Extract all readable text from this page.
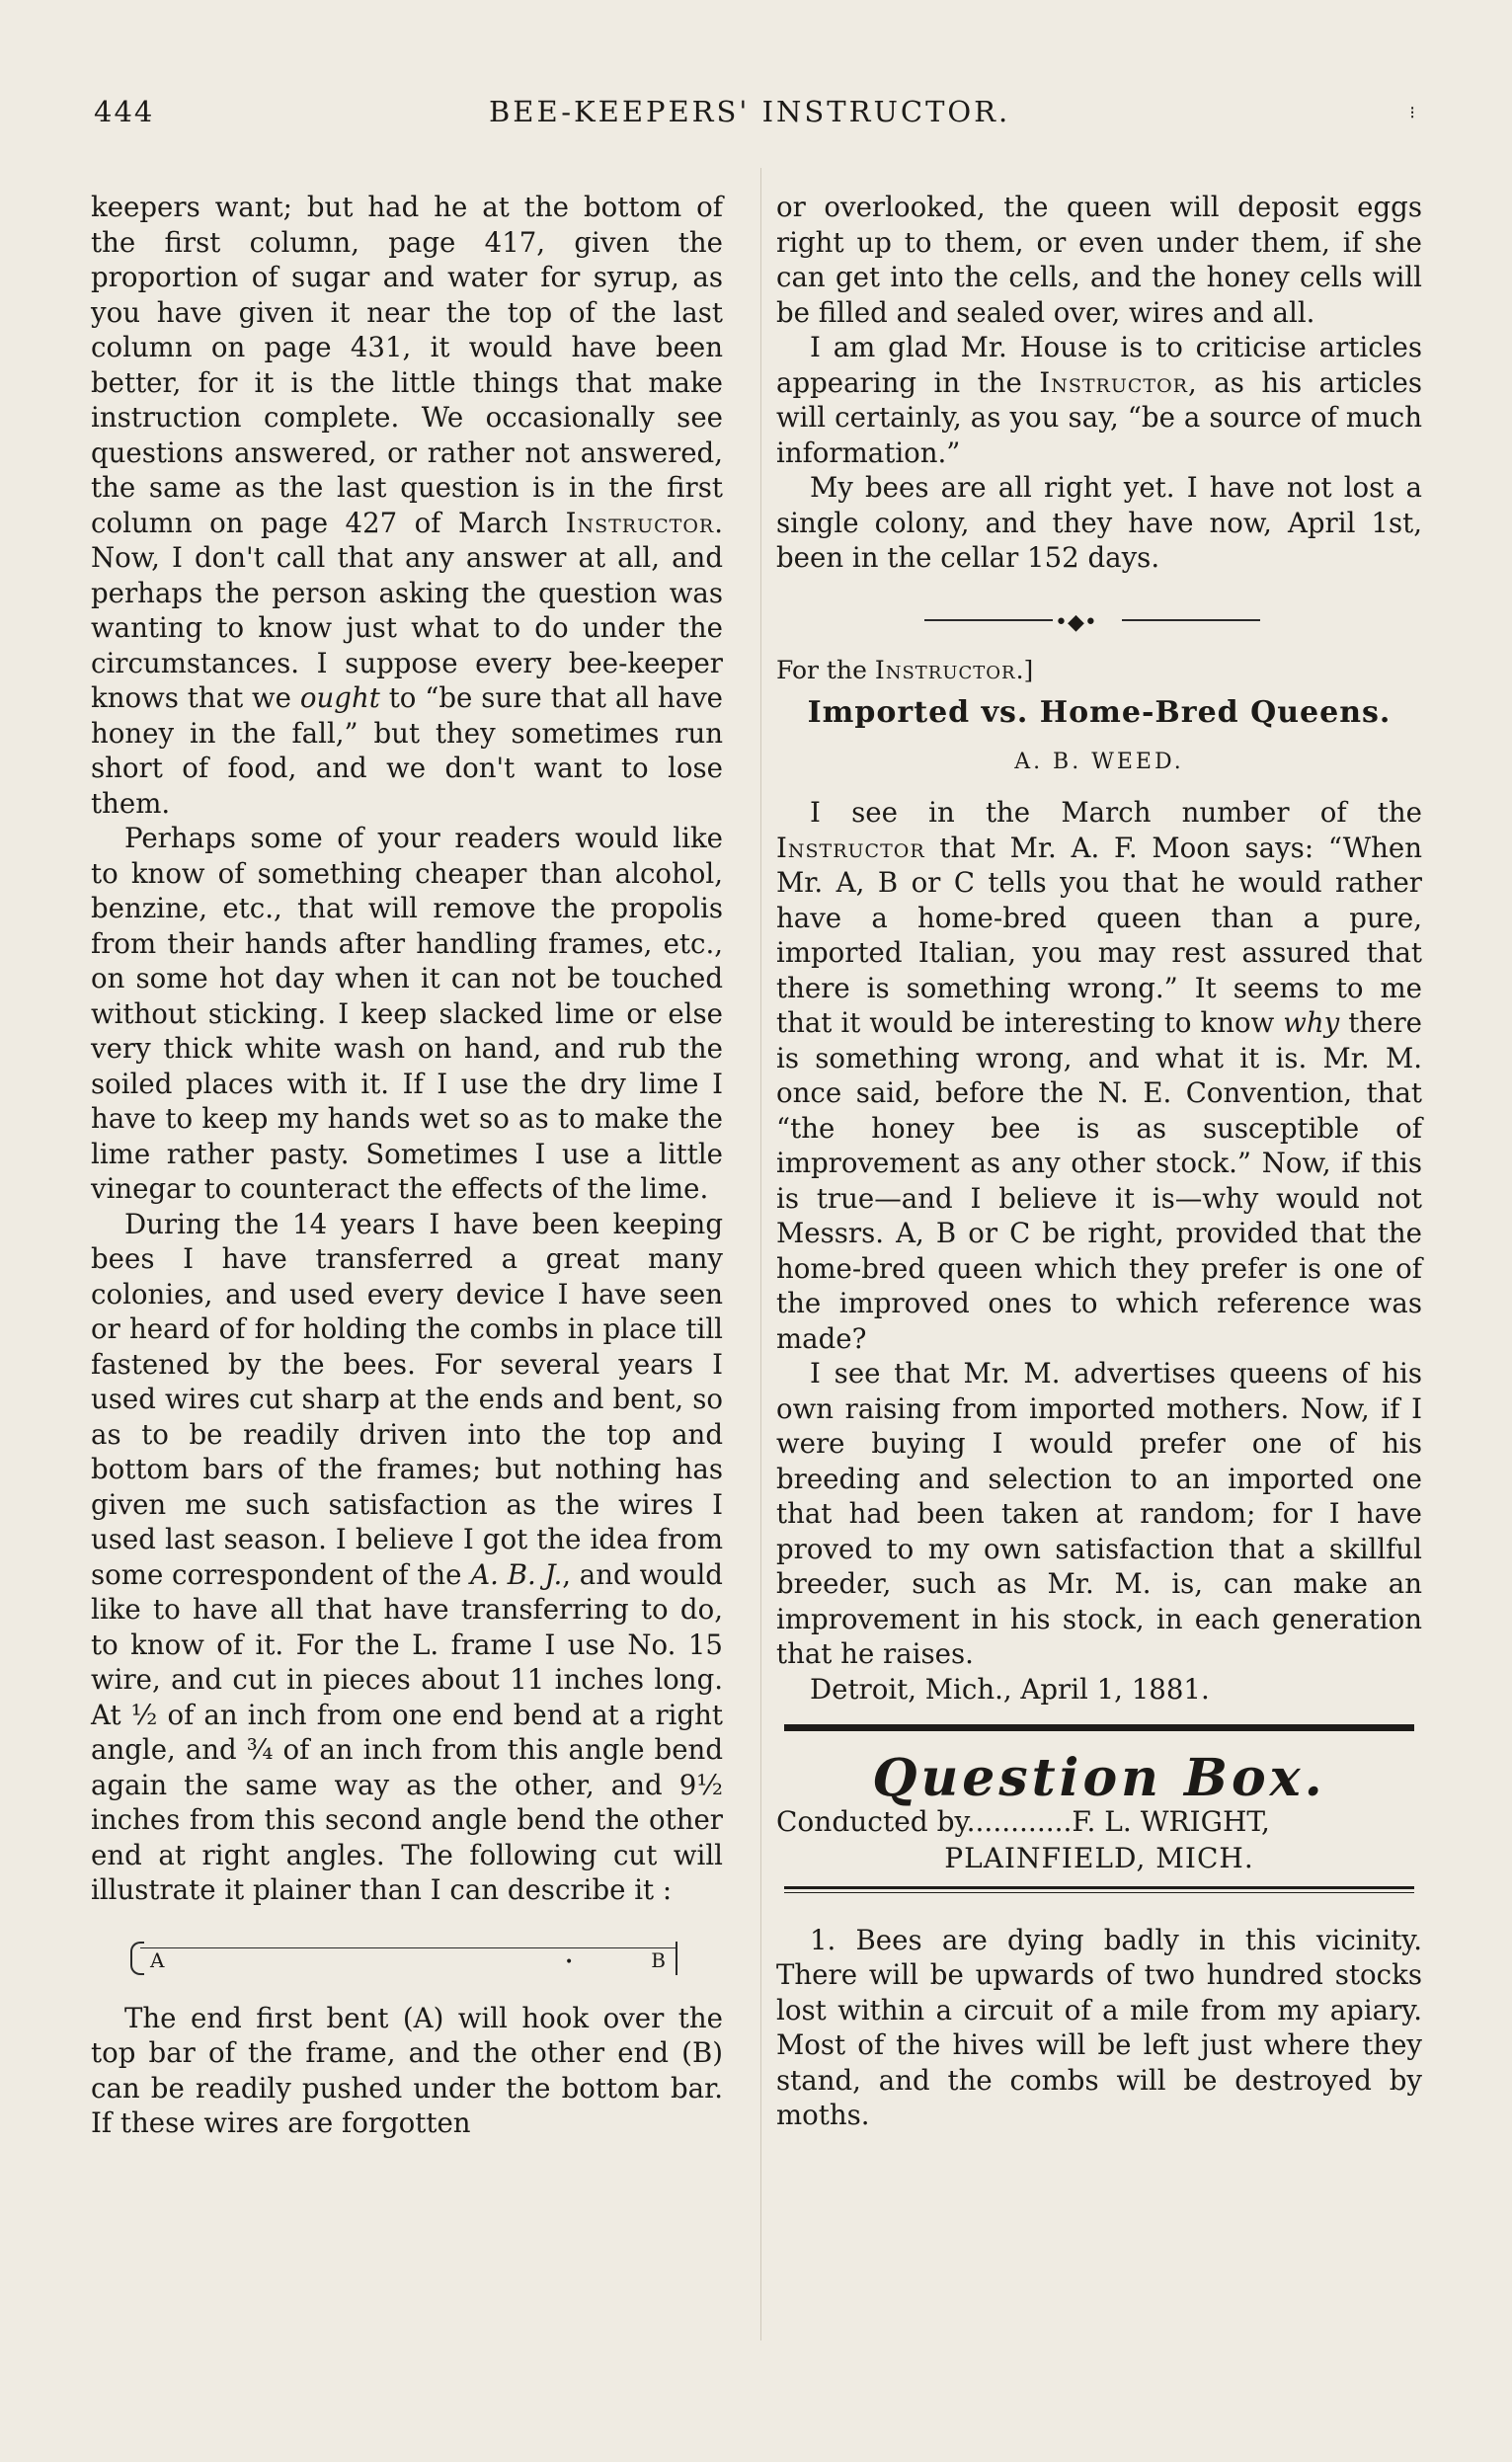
444	BEE-KEEPERS' INSTRUCTOR.	⁝

keepers want; but had he at the bottom of the first column, page 417, given the proportion of sugar and water for syrup, as you have given it near the top of the last column on page 431, it would have been better, for it is the little things that make instruction complete. We occasionally see questions answered, or rather not answered, the same as the last question is in the first column on page 427 of March Instructor. Now, I don't call that any answer at all, and perhaps the person asking the question was wanting to know just what to do under the circumstances. I suppose every bee-keeper knows that we ought to “be sure that all have honey in the fall,” but they sometimes run short of food, and we don't want to lose them.

Perhaps some of your readers would like to know of something cheaper than alcohol, benzine, etc., that will remove the propolis from their hands after handling frames, etc., on some hot day when it can not be touched without sticking. I keep slacked lime or else very thick white wash on hand, and rub the soiled places with it. If I use the dry lime I have to keep my hands wet so as to make the lime rather pasty. Sometimes I use a little vinegar to counteract the effects of the lime.

During the 14 years I have been keeping bees I have transferred a great many colonies, and used every device I have seen or heard of for holding the combs in place till fastened by the bees. For several years I used wires cut sharp at the ends and bent, so as to be readily driven into the top and bottom bars of the frames; but nothing has given me such satisfaction as the wires I used last season. I believe I got the idea from some correspondent of the A. B. J., and would like to have all that have transferring to do, to know of it. For the L. frame I use No. 15 wire, and cut in pieces about 11 inches long. At ½ of an inch from one end bend at a right angle, and ¾ of an inch from this angle bend again the same way as the other, and 9½ inches from this second angle bend the other end at right angles. The following cut will illustrate it plainer than I can describe it :

A	•	B

The end first bent (A) will hook over the top bar of the frame, and the other end (B) can be readily pushed under the bottom bar. If these wires are forgotten

or overlooked, the queen will deposit eggs right up to them, or even under them, if she can get into the cells, and the honey cells will be filled and sealed over, wires and all.

I am glad Mr. House is to criticise articles appearing in the Instructor, as his articles will certainly, as you say, “be a source of much information.”

My bees are all right yet. I have not lost a single colony, and they have now, April 1st, been in the cellar 152 days.

•◆•
For the Instructor.]
Imported vs. Home-Bred Queens.
A. B. WEED.

I see in the March number of the Instructor that Mr. A. F. Moon says: “When Mr. A, B or C tells you that he would rather have a home-bred queen than a pure, imported Italian, you may rest assured that there is something wrong.” It seems to me that it would be interesting to know why there is something wrong, and what it is. Mr. M. once said, before the N. E. Convention, that “the honey bee is as susceptible of improvement as any other stock.” Now, if this is true—and I believe it is—why would not Messrs. A, B or C be right, provided that the home-bred queen which they prefer is one of the improved ones to which reference was made?

I see that Mr. M. advertises queens of his own raising from imported mothers. Now, if I were buying I would prefer one of his breeding and selection to an imported one that had been taken at random; for I have proved to my own satisfaction that a skillful breeder, such as Mr. M. is, can make an improvement in his stock, in each generation that he raises.

Detroit, Mich., April 1, 1881.

Question Box.
Conducted by............F. L. WRIGHT,
PLAINFIELD, MICH.

1. Bees are dying badly in this vicinity. There will be upwards of two hundred stocks lost within a circuit of a mile from my apiary. Most of the hives will be left just where they stand, and the combs will be destroyed by moths.
